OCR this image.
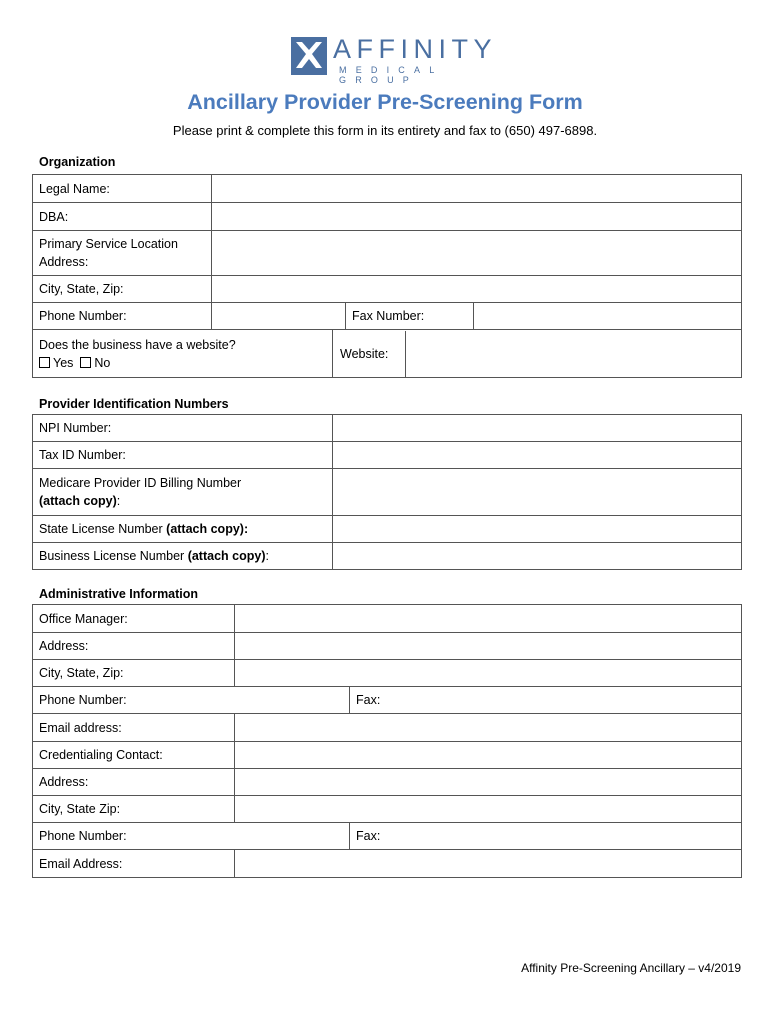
AFFINITY
MEDICAL GROUP
Ancillary Provider Pre-Screening Form
Please print & complete this form in its entirety and fax to (650) 497-6898.
Organization
Legal Name:	
DBA:	
Primary Service Location
Address:	
City, State, Zip:	
Phone Number:		Fax Number:	
Does the business have a website?
Yes No	
Website:	
Provider Identification Numbers
NPI Number:	
Tax ID Number:	
Medicare Provider ID Billing Number
(attach copy):	
State License Number (attach copy):	
Business License Number (attach copy):	
Administrative Information
Office Manager:		
Address:		
City, State, Zip:		
Phone Number:		Fax:
Email address:		
Credentialing Contact:		
Address:		
City, State Zip:		
Phone Number:		Fax:
Email Address:		
Affinity Pre-Screening Ancillary – v4/2019
